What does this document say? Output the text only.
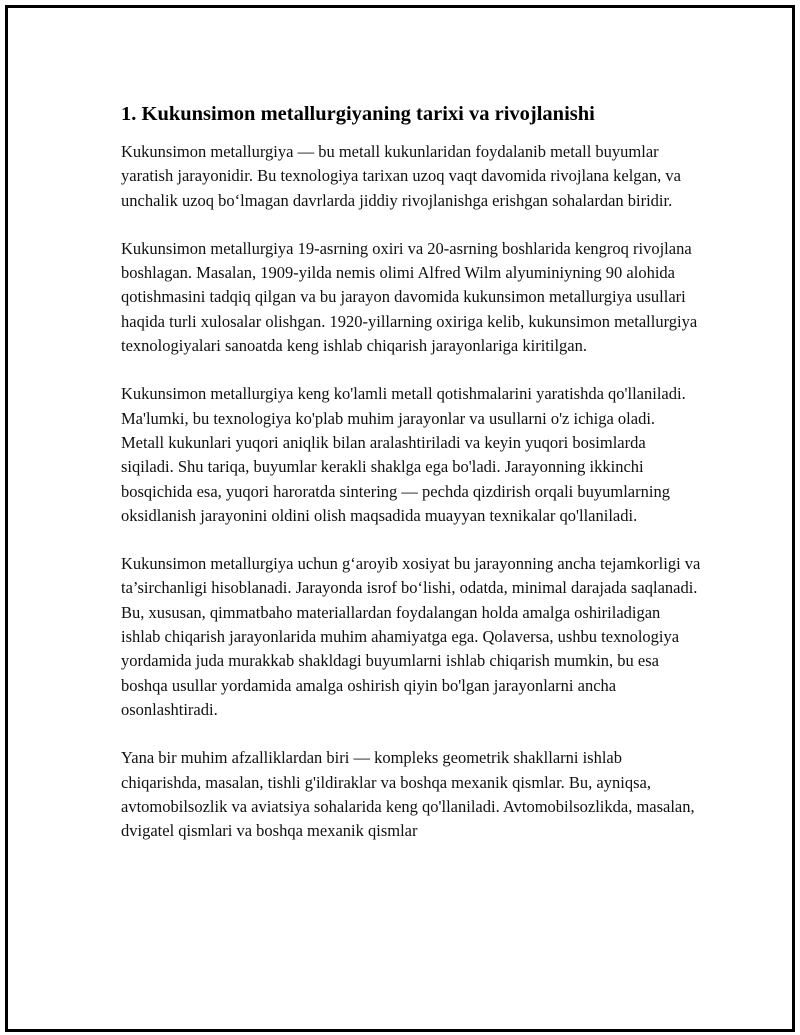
1. Kukunsimon metallurgiyaning tarixi va rivojlanishi

Kukunsimon metallurgiya — bu metall kukunlaridan foydalanib metall buyumlar yaratish jarayonidir. Bu texnologiya tarixan uzoq vaqt davomida rivojlana kelgan, va unchalik uzoq bo‘lmagan davrlarda jiddiy rivojlanishga erishgan sohalardan biridir.

Kukunsimon metallurgiya 19-asrning oxiri va 20-asrning boshlarida kengroq rivojlana boshlagan. Masalan, 1909-yilda nemis olimi Alfred Wilm alyuminiyning 90 alohida qotishmasini tadqiq qilgan va bu jarayon davomida kukunsimon metallurgiya usullari haqida turli xulosalar olishgan. 1920-yillarning oxiriga kelib, kukunsimon metallurgiya texnologiyalari sanoatda keng ishlab chiqarish jarayonlariga kiritilgan.

Kukunsimon metallurgiya keng ko'lamli metall qotishmalarini yaratishda qo'llaniladi. Ma'lumki, bu texnologiya ko'plab muhim jarayonlar va usullarni o'z ichiga oladi. Metall kukunlari yuqori aniqlik bilan aralashtiriladi va keyin yuqori bosimlarda siqiladi. Shu tariqa, buyumlar kerakli shaklga ega bo'ladi. Jarayonning ikkinchi bosqichida esa, yuqori haroratda sintering — pechda qizdirish orqali buyumlarning oksidlanish jarayonini oldini olish maqsadida muayyan texnikalar qo'llaniladi.

Kukunsimon metallurgiya uchun g‘aroyib xosiyat bu jarayonning ancha tejamkorligi va ta’sirchanligi hisoblanadi. Jarayonda isrof bo‘lishi, odatda, minimal darajada saqlanadi. Bu, xususan, qimmatbaho materiallardan foydalangan holda amalga oshiriladigan ishlab chiqarish jarayonlarida muhim ahamiyatga ega. Qolaversa, ushbu texnologiya yordamida juda murakkab shakldagi buyumlarni ishlab chiqarish mumkin, bu esa boshqa usullar yordamida amalga oshirish qiyin bo'lgan jarayonlarni ancha osonlashtiradi.

Yana bir muhim afzalliklardan biri — kompleks geometrik shakllarni ishlab chiqarishda, masalan, tishli g'ildiraklar va boshqa mexanik qismlar. Bu, ayniqsa, avtomobilsozlik va aviatsiya sohalarida keng qo'llaniladi. Avtomobilsozlikda, masalan, dvigatel qismlari va boshqa mexanik qismlar
